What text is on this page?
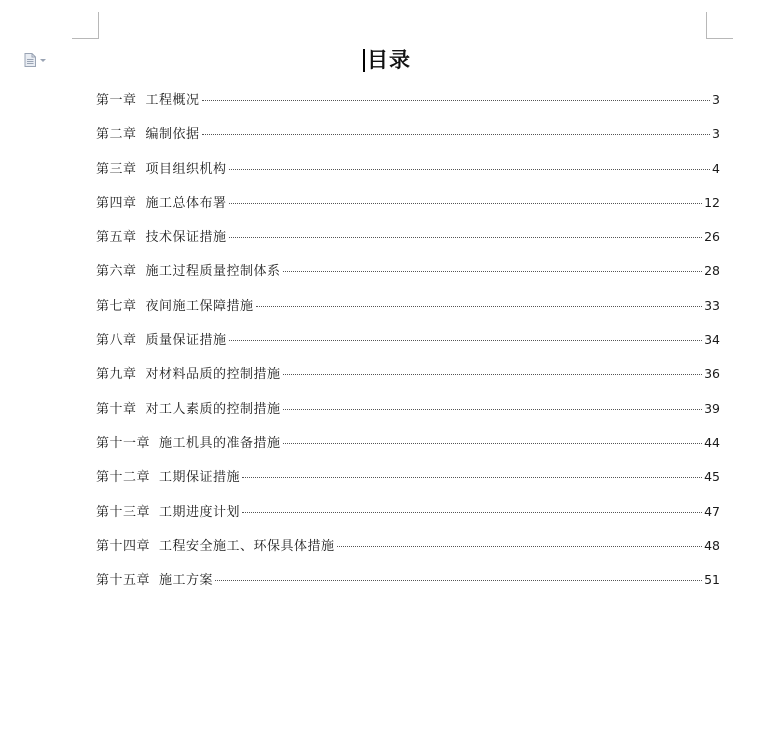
目录
第一章 工程概况	3
第二章 编制依据	3
第三章 项目组织机构	4
第四章 施工总体布署	12
第五章 技术保证措施	26
第六章 施工过程质量控制体系	28
第七章 夜间施工保障措施	33
第八章 质量保证措施	34
第九章 对材料品质的控制措施	36
第十章 对工人素质的控制措施	39
第十一章 施工机具的准备措施	44
第十二章 工期保证措施	45
第十三章 工期进度计划	47
第十四章 工程安全施工、环保具体措施	48
第十五章 施工方案	51
